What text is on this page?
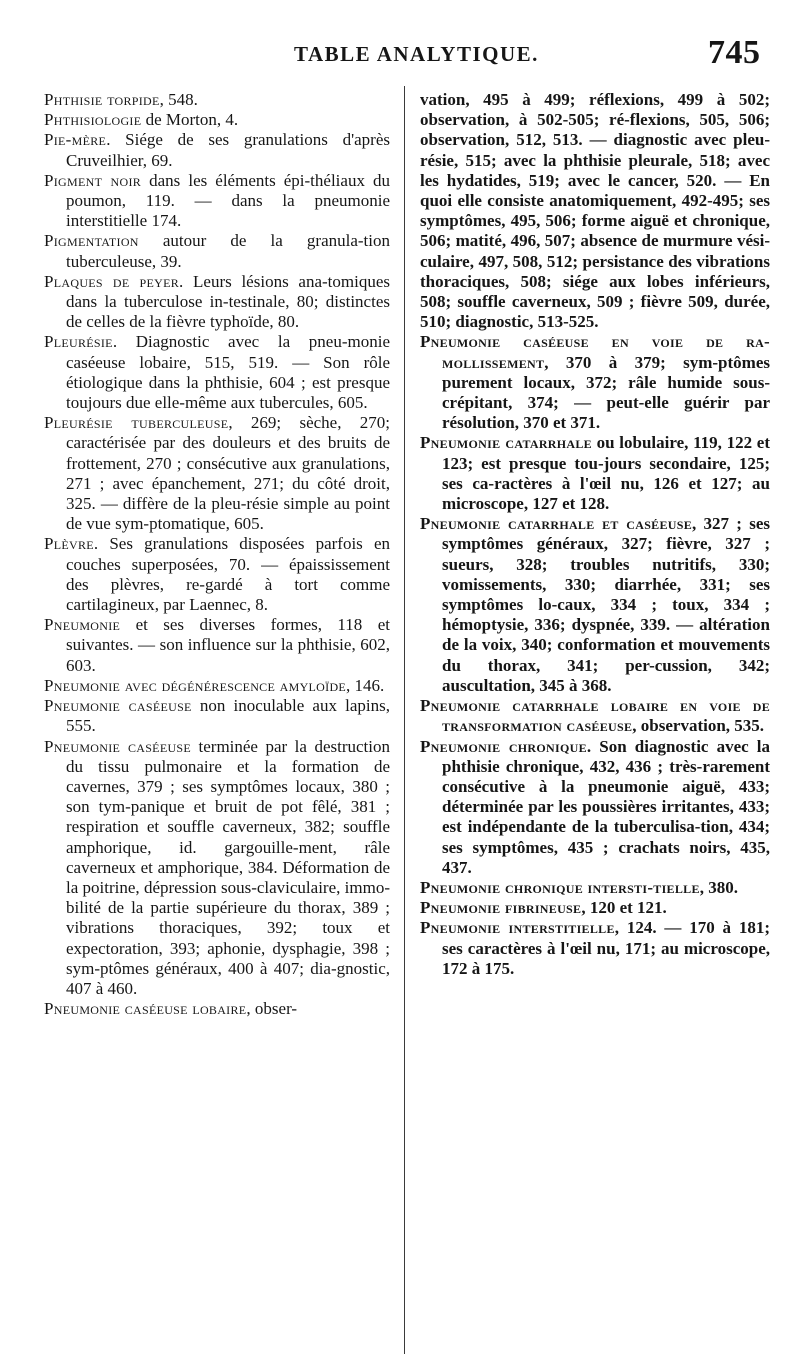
TABLE ANALYTIQUE.	745

Phthisie torpide, 548.

Phthisiologie de Morton, 4.

Pie-mère. Siége de ses granulations d'après Cruveilhier, 69.

Pigment noir dans les éléments épi-théliaux du poumon, 119. — dans la pneumonie interstitielle 174.

Pigmentation autour de la granula-tion tuberculeuse, 39.

Plaques de peyer. Leurs lésions ana-tomiques dans la tuberculose in-testinale, 80; distinctes de celles de la fièvre typhoïde, 80.

Pleurésie. Diagnostic avec la pneu-monie caséeuse lobaire, 515, 519. — Son rôle étiologique dans la phthisie, 604 ; est presque toujours due elle-même aux tubercules, 605.

Pleurésie tuberculeuse, 269; sèche, 270; caractérisée par des douleurs et des bruits de frottement, 270 ; consécutive aux granulations, 271 ; avec épanchement, 271; du côté droit, 325. — diffère de la pleu-résie simple au point de vue sym-ptomatique, 605.

Plèvre. Ses granulations disposées parfois en couches superposées, 70. — épaississement des plèvres, re-gardé à tort comme cartilagineux, par Laennec, 8.

Pneumonie et ses diverses formes, 118 et suivantes. — son influence sur la phthisie, 602, 603.

Pneumonie avec dégénérescence amyloïde, 146.

Pneumonie caséeuse non inoculable aux lapins, 555.

Pneumonie caséeuse terminée par la destruction du tissu pulmonaire et la formation de cavernes, 379 ; ses symptômes locaux, 380 ; son tym-panique et bruit de pot fêlé, 381 ; respiration et souffle caverneux, 382; souffle amphorique, id. gargouille-ment, râle caverneux et amphorique, 384. Déformation de la poitrine, dépression sous-claviculaire, immo-bilité de la partie supérieure du thorax, 389 ; vibrations thoraciques, 392; toux et expectoration, 393; aphonie, dysphagie, 398 ; sym-ptômes généraux, 400 à 407; dia-gnostic, 407 à 460.

Pneumonie caséeuse lobaire, obser-

vation, 495 à 499; réflexions, 499 à 502; observation, à 502-505; ré-flexions, 505, 506; observation, 512, 513. — diagnostic avec pleu-résie, 515; avec la phthisie pleurale, 518; avec les hydatides, 519; avec le cancer, 520. — En quoi elle consiste anatomiquement, 492-495; ses symptômes, 495, 506; forme aiguë et chronique, 506; matité, 496, 507; absence de murmure vési-culaire, 497, 508, 512; persistance des vibrations thoraciques, 508; siége aux lobes inférieurs, 508; souffle caverneux, 509 ; fièvre 509, durée, 510; diagnostic, 513-525.

Pneumonie caséeuse en voie de ra-mollissement, 370 à 379; sym-ptômes purement locaux, 372; râle humide sous-crépitant, 374; — peut-elle guérir par résolution, 370 et 371.

Pneumonie catarrhale ou lobulaire, 119, 122 et 123; est presque tou-jours secondaire, 125; ses ca-ractères à l'œil nu, 126 et 127; au microscope, 127 et 128.

Pneumonie catarrhale et caséeuse, 327 ; ses symptômes généraux, 327; fièvre, 327 ; sueurs, 328; troubles nutritifs, 330; vomissements, 330; diarrhée, 331; ses symptômes lo-caux, 334 ; toux, 334 ; hémoptysie, 336; dyspnée, 339. — altération de la voix, 340; conformation et mouvements du thorax, 341; per-cussion, 342; auscultation, 345 à 368.

Pneumonie catarrhale lobaire en voie de transformation caséeuse, observation, 535.

Pneumonie chronique. Son diagnostic avec la phthisie chronique, 432, 436 ; très-rarement consécutive à la pneumonie aiguë, 433; déterminée par les poussières irritantes, 433; est indépendante de la tuberculisa-tion, 434; ses symptômes, 435 ; crachats noirs, 435, 437.

Pneumonie chronique intersti-tielle, 380.

Pneumonie fibrineuse, 120 et 121.

Pneumonie interstitielle, 124. — 170 à 181; ses caractères à l'œil nu, 171; au microscope, 172 à 175.
